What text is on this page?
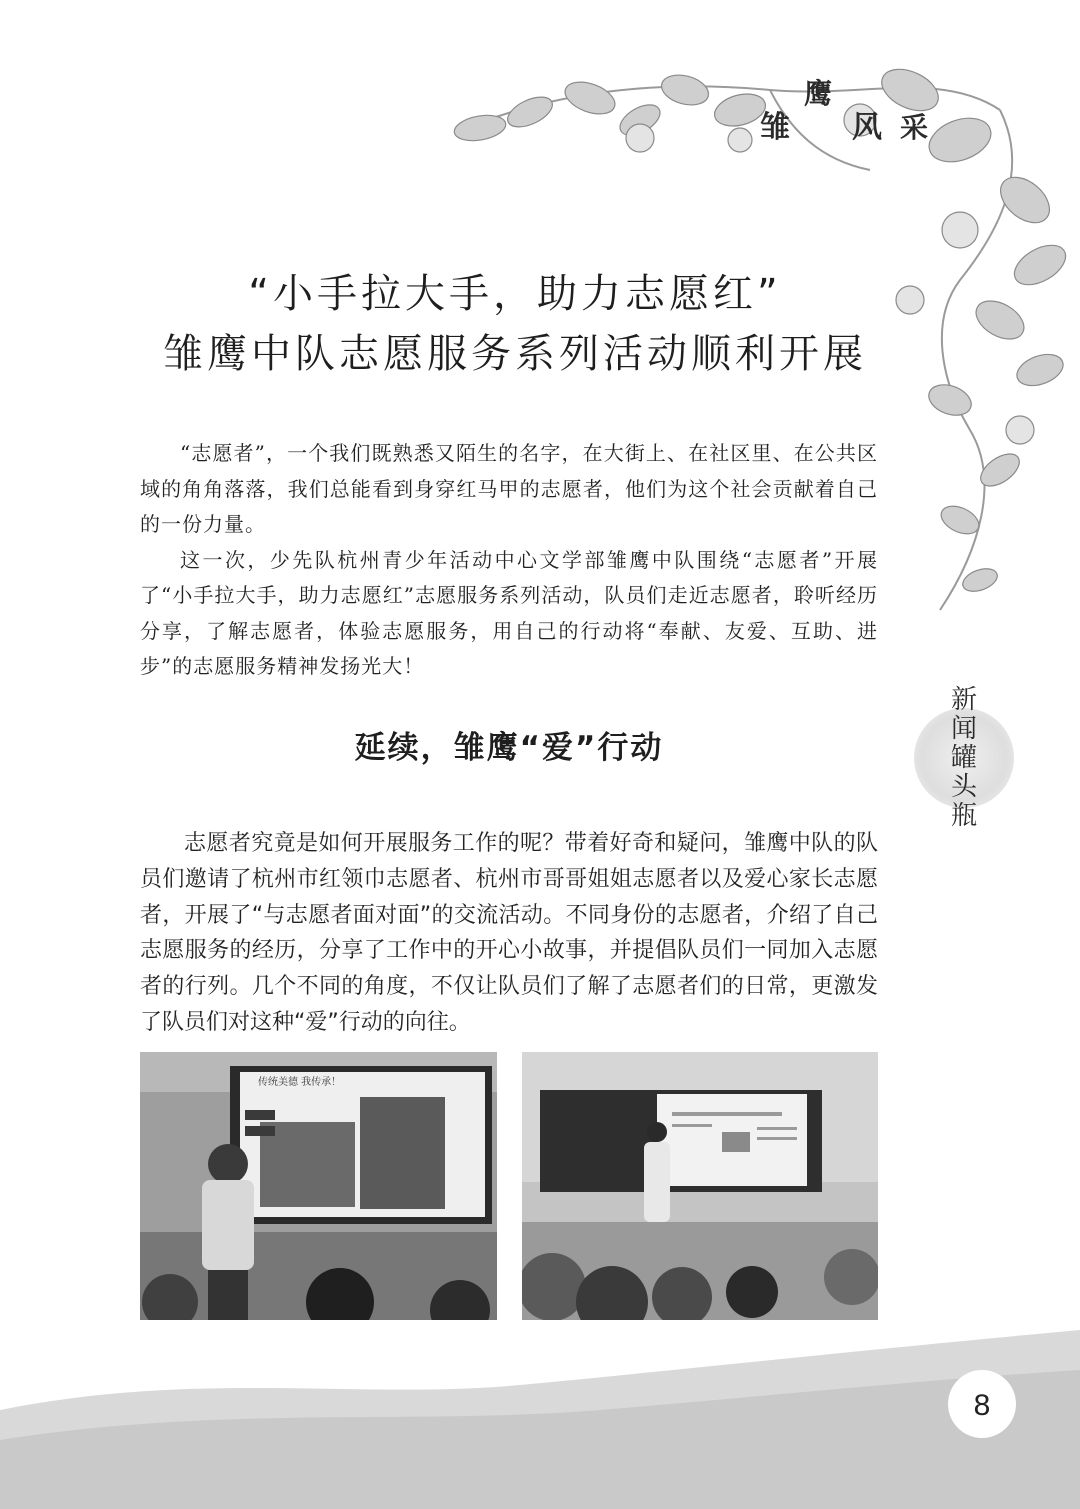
雏
鹰
风 采
“小手拉大手，助力志愿红”
雏鹰中队志愿服务系列活动顺利开展

“志愿者”，一个我们既熟悉又陌生的名字，在大街上、在社区里、在公共区域的角角落落，我们总能看到身穿红马甲的志愿者，他们为这个社会贡献着自己的一份力量。

这一次，少先队杭州青少年活动中心文学部雏鹰中队围绕“志愿者”开展了“小手拉大手，助力志愿红”志愿服务系列活动，队员们走近志愿者，聆听经历分享，了解志愿者，体验志愿服务，用自己的行动将“奉献、友爱、互助、进步”的志愿服务精神发扬光大！

延续，雏鹰“爱”行动

志愿者究竟是如何开展服务工作的呢？带着好奇和疑问，雏鹰中队的队员们邀请了杭州市红领巾志愿者、杭州市哥哥姐姐志愿者以及爱心家长志愿者，开展了“与志愿者面对面”的交流活动。不同身份的志愿者，介绍了自己志愿服务的经历，分享了工作中的开心小故事，并提倡队员们一同加入志愿者的行列。几个不同的角度，不仅让队员们了解了志愿者们的日常，更激发了队员们对这种“爱”行动的向往。

传统美德 我传承！
新
闻
罐
头
瓶
8
